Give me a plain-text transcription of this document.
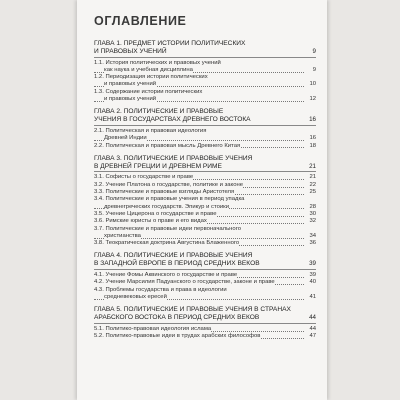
ОГЛАВЛЕНИЕ
ГЛАВА 1. ПРЕДМЕТ ИСТОРИИ ПОЛИТИЧЕСКИХ
И ПРАВОВЫХ УЧЕНИЙ	9
1.1. История политических и правовых учений
как наука и учебная дисциплина	9
1.2. Периодизация истории политических
и правовых учений	10
1.3. Содержание истории политических
и правовых учений	12
ГЛАВА 2. ПОЛИТИЧЕСКИЕ И ПРАВОВЫЕ
УЧЕНИЯ В ГОСУДАРСТВАХ ДРЕВНЕГО ВОСТОКА	16
2.1. Политическая и правовая идеология
Древней Индии	16
2.2. Политическая и правовая мысль Древнего Китая	18
ГЛАВА 3. ПОЛИТИЧЕСКИЕ И ПРАВОВЫЕ УЧЕНИЯ
В ДРЕВНЕЙ ГРЕЦИИ И ДРЕВНЕМ РИМЕ	21
3.1. Софисты о государстве и праве	21
3.2. Учение Платона о государстве, политике и законе	22
3.3. Политические и правовые взгляды Аристотеля	25
3.4. Политические и правовые учения в период упадка
древнегреческих государств. Эпикур и стоики	28
3.5. Учение Цицерона о государстве и праве	30
3.6. Римские юристы о праве и его видах	32
3.7. Политические и правовые идеи первоначального
христианства	34
3.8. Теократическая доктрина Августина Блаженного	36
ГЛАВА 4. ПОЛИТИЧЕСКИЕ И ПРАВОВЫЕ УЧЕНИЯ
В ЗАПАДНОЙ ЕВРОПЕ В ПЕРИОД СРЕДНИХ ВЕКОВ	39
4.1. Учение Фомы Аквинского о государстве и праве	39
4.2. Учение Марсилия Падуанского о государстве, законе и праве	40
4.3. Проблемы государства и права в идеологии
средневековых ересей	41
ГЛАВА 5. ПОЛИТИЧЕСКИЕ И ПРАВОВЫЕ УЧЕНИЯ В СТРАНАХ
АРАБСКОГО ВОСТОКА В ПЕРИОД СРЕДНИХ ВЕКОВ	44
5.1. Политико-правовая идеология ислама	44
5.2. Политико-правовые идеи в трудах арабских философов	47
